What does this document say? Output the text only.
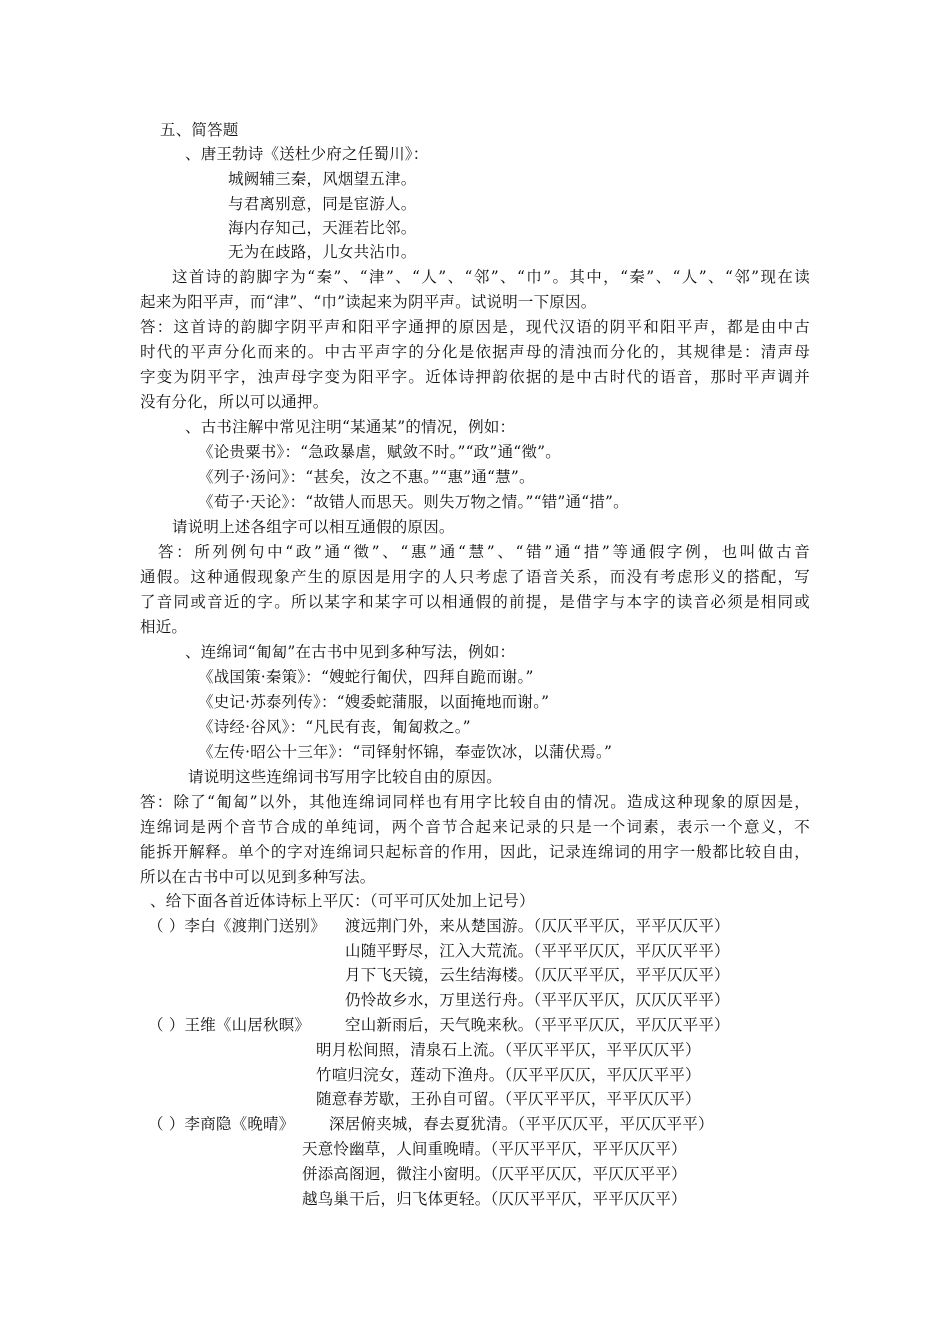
五、简答题
、唐王勃诗《送杜少府之任蜀川》：
城阙辅三秦，风烟望五津。
与君离别意，同是宦游人。
海内存知己，天涯若比邻。
无为在歧路，儿女共沾巾。
这首诗的韵脚字为“秦”、“津”、“人”、“邻”、“巾”。其中，“秦”、“人”、“邻”现在读
起来为阳平声，而“津”、“巾”读起来为阴平声。试说明一下原因。
答：这首诗的韵脚字阴平声和阳平字通押的原因是，现代汉语的阴平和阳平声，都是由中古
时代的平声分化而来的。中古平声字的分化是依据声母的清浊而分化的，其规律是：清声母
字变为阴平字，浊声母字变为阳平字。近体诗押韵依据的是中古时代的语音，那时平声调并
没有分化，所以可以通押。
、古书注解中常见注明“某通某”的情况，例如：
《论贵粟书》：“急政暴虐，赋敛不时。”“政”通“徵”。
《列子·汤问》：“甚矣，汝之不惠。”“惠”通“慧”。
《荀子·天论》：“故错人而思天。则失万物之情。”“错”通“措”。
请说明上述各组字可以相互通假的原因。
答：所列例句中“政”通“徵”、“惠”通“慧”、“错”通“措”等通假字例，也叫做古音
通假。这种通假现象产生的原因是用字的人只考虑了语音关系，而没有考虑形义的搭配，写
了音同或音近的字。所以某字和某字可以相通假的前提，是借字与本字的读音必须是相同或
相近。
、连绵词“匍匐”在古书中见到多种写法，例如：
《战国策·秦策》：“嫂蛇行匍伏，四拜自跪而谢。”
《史记·苏泰列传》：“嫂委蛇蒲服，以面掩地而谢。”
《诗经·谷风》：“凡民有丧，匍匐救之。”
《左传·昭公十三年》：“司铎射怀锦，奉壶饮冰，以蒲伏焉。”
请说明这些连绵词书写用字比较自由的原因。
答：除了“匍匐”以外，其他连绵词同样也有用字比较自由的情况。造成这种现象的原因是，
连绵词是两个音节合成的单纯词，两个音节合起来记录的只是一个词素，表示一个意义，不
能拆开解释。单个的字对连绵词只起标音的作用，因此，记录连绵词的用字一般都比较自由，
所以在古书中可以见到多种写法。
、给下面各首近体诗标上平仄：（可平可仄处加上记号）
（ ）李白《渡荆门送别》 渡远荆门外，来从楚国游。（仄仄平平仄，平平仄仄平）
山随平野尽，江入大荒流。（平平平仄仄，平仄仄平平）
月下飞天镜，云生结海楼。（仄仄平平仄，平平仄仄平）
仍怜故乡水，万里送行舟。（平平仄平仄，仄仄仄平平）
（ ）王维《山居秋暝》 空山新雨后，天气晚来秋。（平平平仄仄，平仄仄平平）
明月松间照，清泉石上流。（平仄平平仄，平平仄仄平）
竹喧归浣女，莲动下渔舟。（仄平平仄仄，平仄仄平平）
随意春芳歇，王孙自可留。（平仄平平仄，平平仄仄平）
（ ）李商隐《晚晴》 深居俯夹城，春去夏犹清。（平平仄仄平，平仄仄平平）
天意怜幽草，人间重晚晴。（平仄平平仄，平平仄仄平）
併添高阁迥，微注小窗明。（仄平平仄仄，平仄仄平平）
越鸟巢干后，归飞体更轻。（仄仄平平仄，平平仄仄平）
